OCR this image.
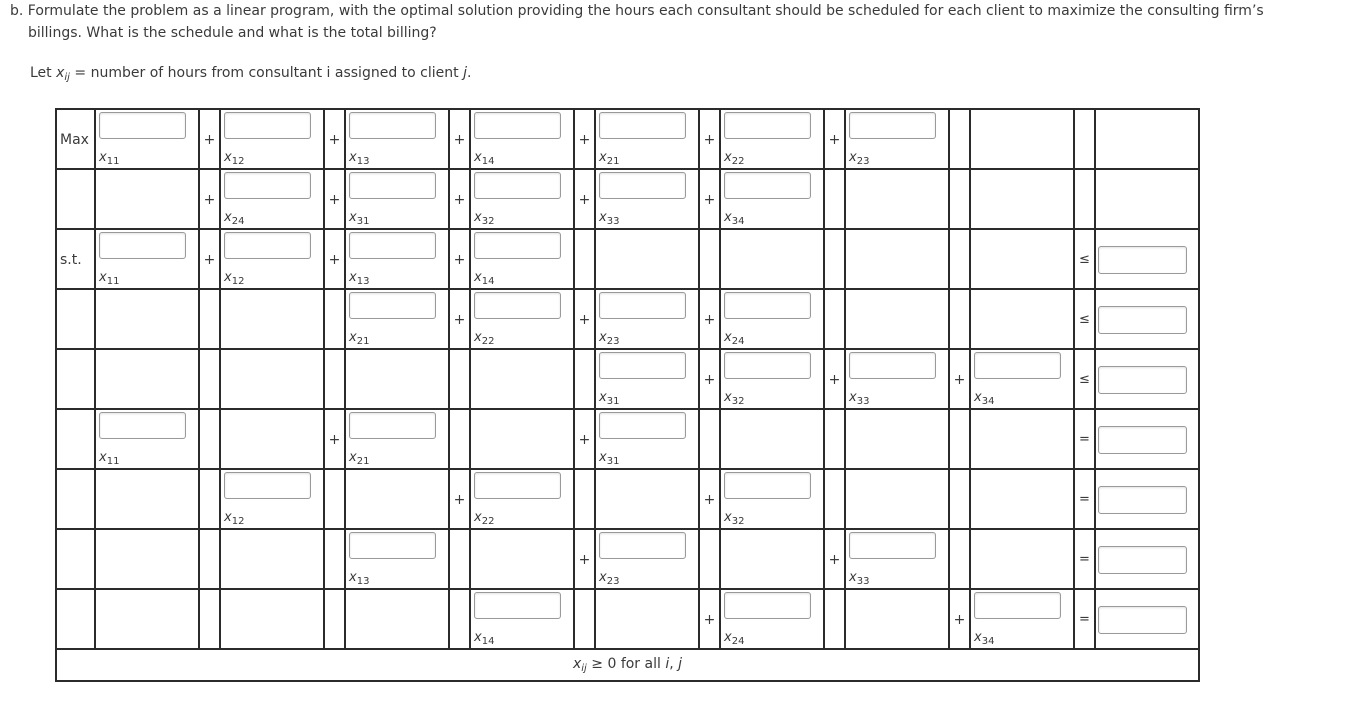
b. Formulate the problem as a linear program, with the optimal solution providing the hours each consultant should be scheduled for each client to maximize the consulting firm’s
billings. What is the schedule and what is the total billing?
Let $x_{ij}$ = number of hours from consultant i assigned to client j.
Max	$x_{11}$	+	$x_{12}$	+	$x_{13}$	+	$x_{14}$	+	$x_{21}$	+	$x_{22}$	+	$x_{23}$

		+	$x_{24}$	+	$x_{31}$	+	$x_{32}$	+	$x_{33}$	+	$x_{34}$

s.t.	$x_{11}$	+	$x_{12}$	+	$x_{13}$	+	$x_{14}$									≤

					$x_{21}$	+	$x_{22}$	+	$x_{23}$	+	$x_{24}$					≤

									$x_{31}$	+	$x_{32}$	+	$x_{33}$	+	$x_{34}$	≤

	$x_{11}$			+	$x_{21}$			+	$x_{31}$							=

			$x_{12}$			+	$x_{22}$			+	$x_{32}$					=

					$x_{13}$			+	$x_{23}$			+	$x_{33}$			=

							$x_{14}$			+	$x_{24}$			+	$x_{34}$	=

$x_{ij} \ge 0$ for all i, j																	
